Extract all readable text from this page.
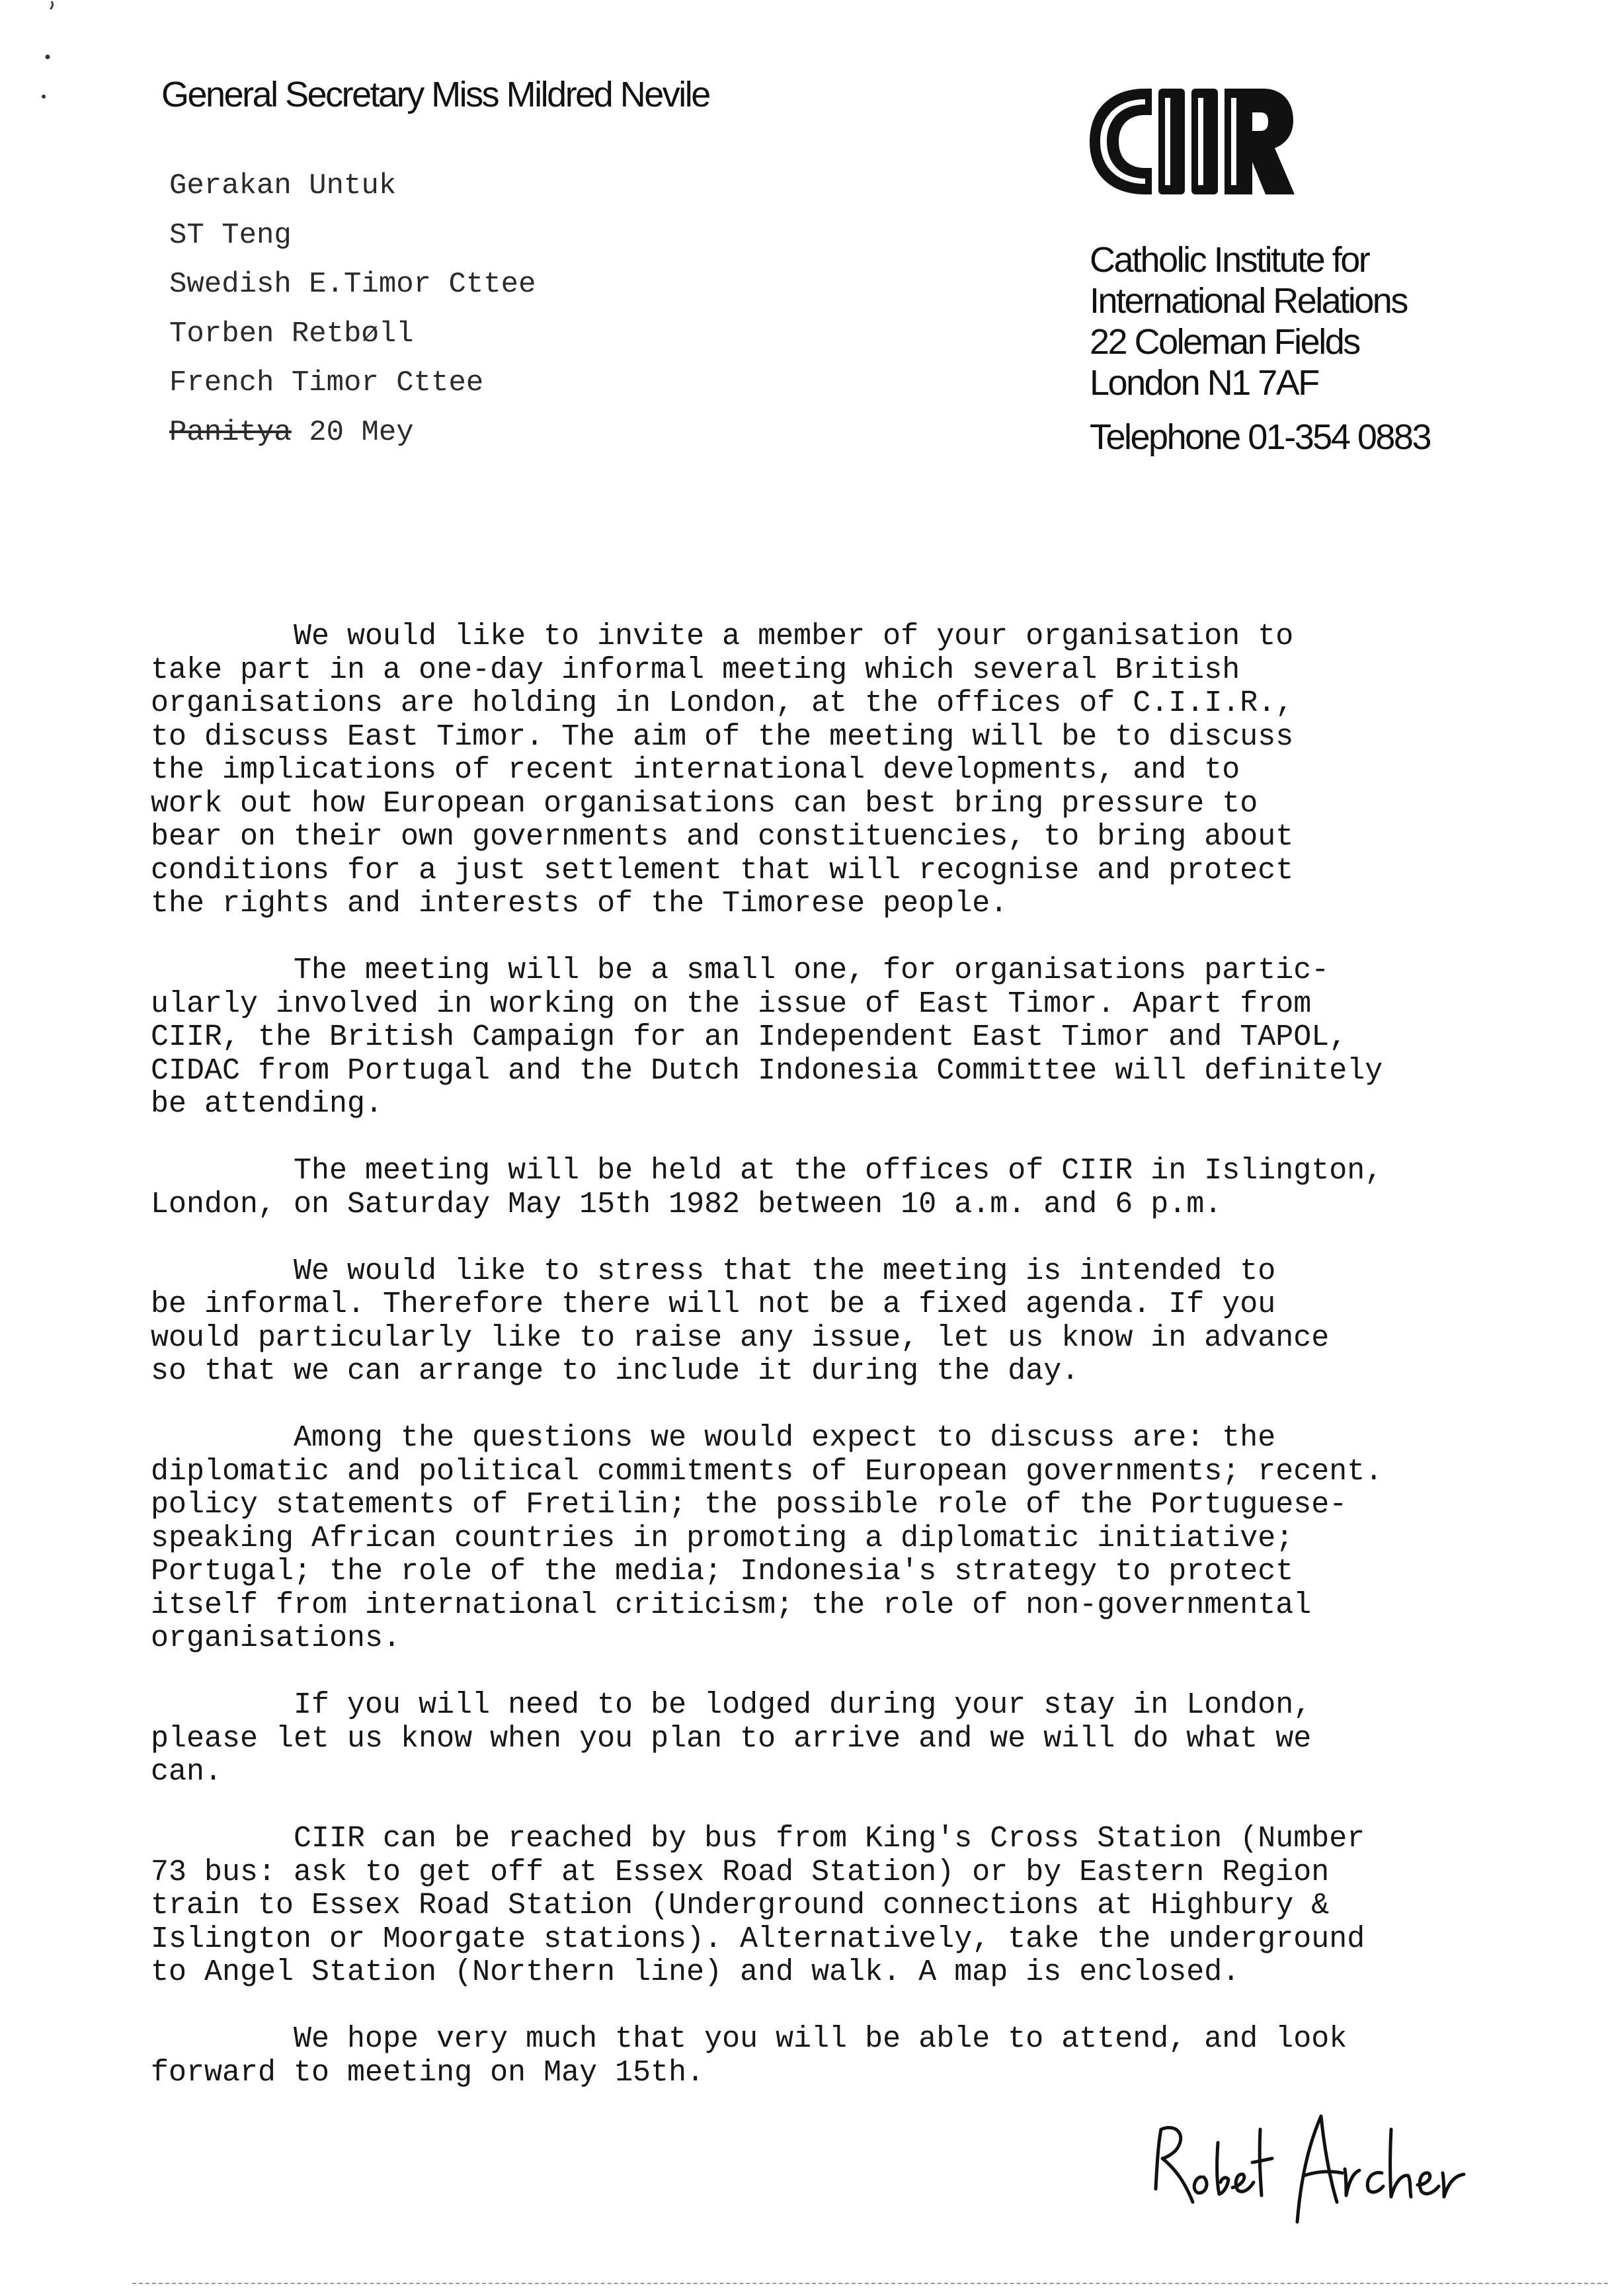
General Secretary Miss Mildred Nevile
Gerakan Untuk
ST Teng
Swedish E.Timor Cttee
Torben Retbøll
French Timor Cttee
Panitya 20 Mey
Catholic Institute for
International Relations
22 Coleman Fields
London N1 7AF
Telephone 01-354 0883

We would like to invite a member of your organisation to
take part in a one-day informal meeting which several British
organisations are holding in London, at the offices of C.I.I.R.,
to discuss East Timor. The aim of the meeting will be to discuss
the implications of recent international developments, and to
work out how European organisations can best bring pressure to
bear on their own governments and constituencies, to bring about
conditions for a just settlement that will recognise and protect
the rights and interests of the Timorese people.

The meeting will be a small one, for organisations partic-
ularly involved in working on the issue of East Timor. Apart from
CIIR, the British Campaign for an Independent East Timor and TAPOL,
CIDAC from Portugal and the Dutch Indonesia Committee will definitely
be attending.

The meeting will be held at the offices of CIIR in Islington,
London, on Saturday May 15th 1982 between 10 a.m. and 6 p.m.

We would like to stress that the meeting is intended to
be informal. Therefore there will not be a fixed agenda. If you
would particularly like to raise any issue, let us know in advance
so that we can arrange to include it during the day.

Among the questions we would expect to discuss are: the
diplomatic and political commitments of European governments; recent.
policy statements of Fretilin; the possible role of the Portuguese-
speaking African countries in promoting a diplomatic initiative;
Portugal; the role of the media; Indonesia's strategy to protect
itself from international criticism; the role of non-governmental
organisations.

If you will need to be lodged during your stay in London,
please let us know when you plan to arrive and we will do what we
can.

CIIR can be reached by bus from King's Cross Station (Number
73 bus: ask to get off at Essex Road Station) or by Eastern Region
train to Essex Road Station (Underground connections at Highbury &
Islington or Moorgate stations). Alternatively, take the underground
to Angel Station (Northern line) and walk. A map is enclosed.

We hope very much that you will be able to attend, and look
forward to meeting on May 15th.
